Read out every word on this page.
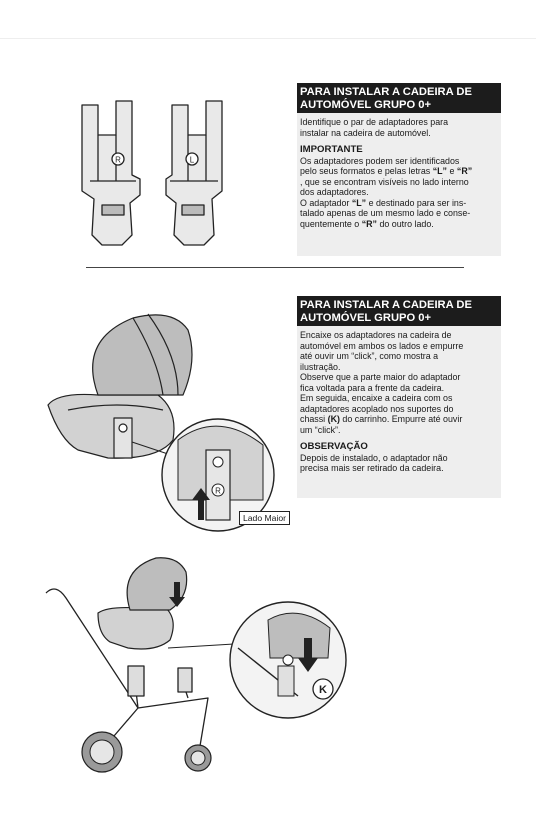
PARA INSTALAR A CADEIRA DE
AUTOMÓVEL GRUPO 0+

Identifique o par de adaptadores para

instalar na cadeira de automóvel.

IMPORTANTE

Os adaptadores podem ser identificados

pelo seus formatos e pelas letras “L” e “R”

, que se encontram visíveis no lado interno

dos adaptadores.

O adaptador “L” e destinado para ser ins-

talado apenas de um mesmo lado e conse-

quentemente o “R” do outro lado.

PARA INSTALAR A CADEIRA DE
AUTOMÓVEL GRUPO 0+

Encaixe os adaptadores na cadeira de

automóvel em ambos os lados e empurre

até ouvir um “click”, como mostra a

ilustração.

Observe que a parte maior do adaptador

fica voltada para a frente da cadeira.

Em seguida, encaixe a cadeira com os

adaptadores acoplado nos suportes do

chassi (K) do carrinho. Empurre até ouvir

um “click”.

OBSERVAÇÃO

Depois de instalado, o adaptador não

precisa mais ser retirado da cadeira.

R	L
R
Lado Maior
K
